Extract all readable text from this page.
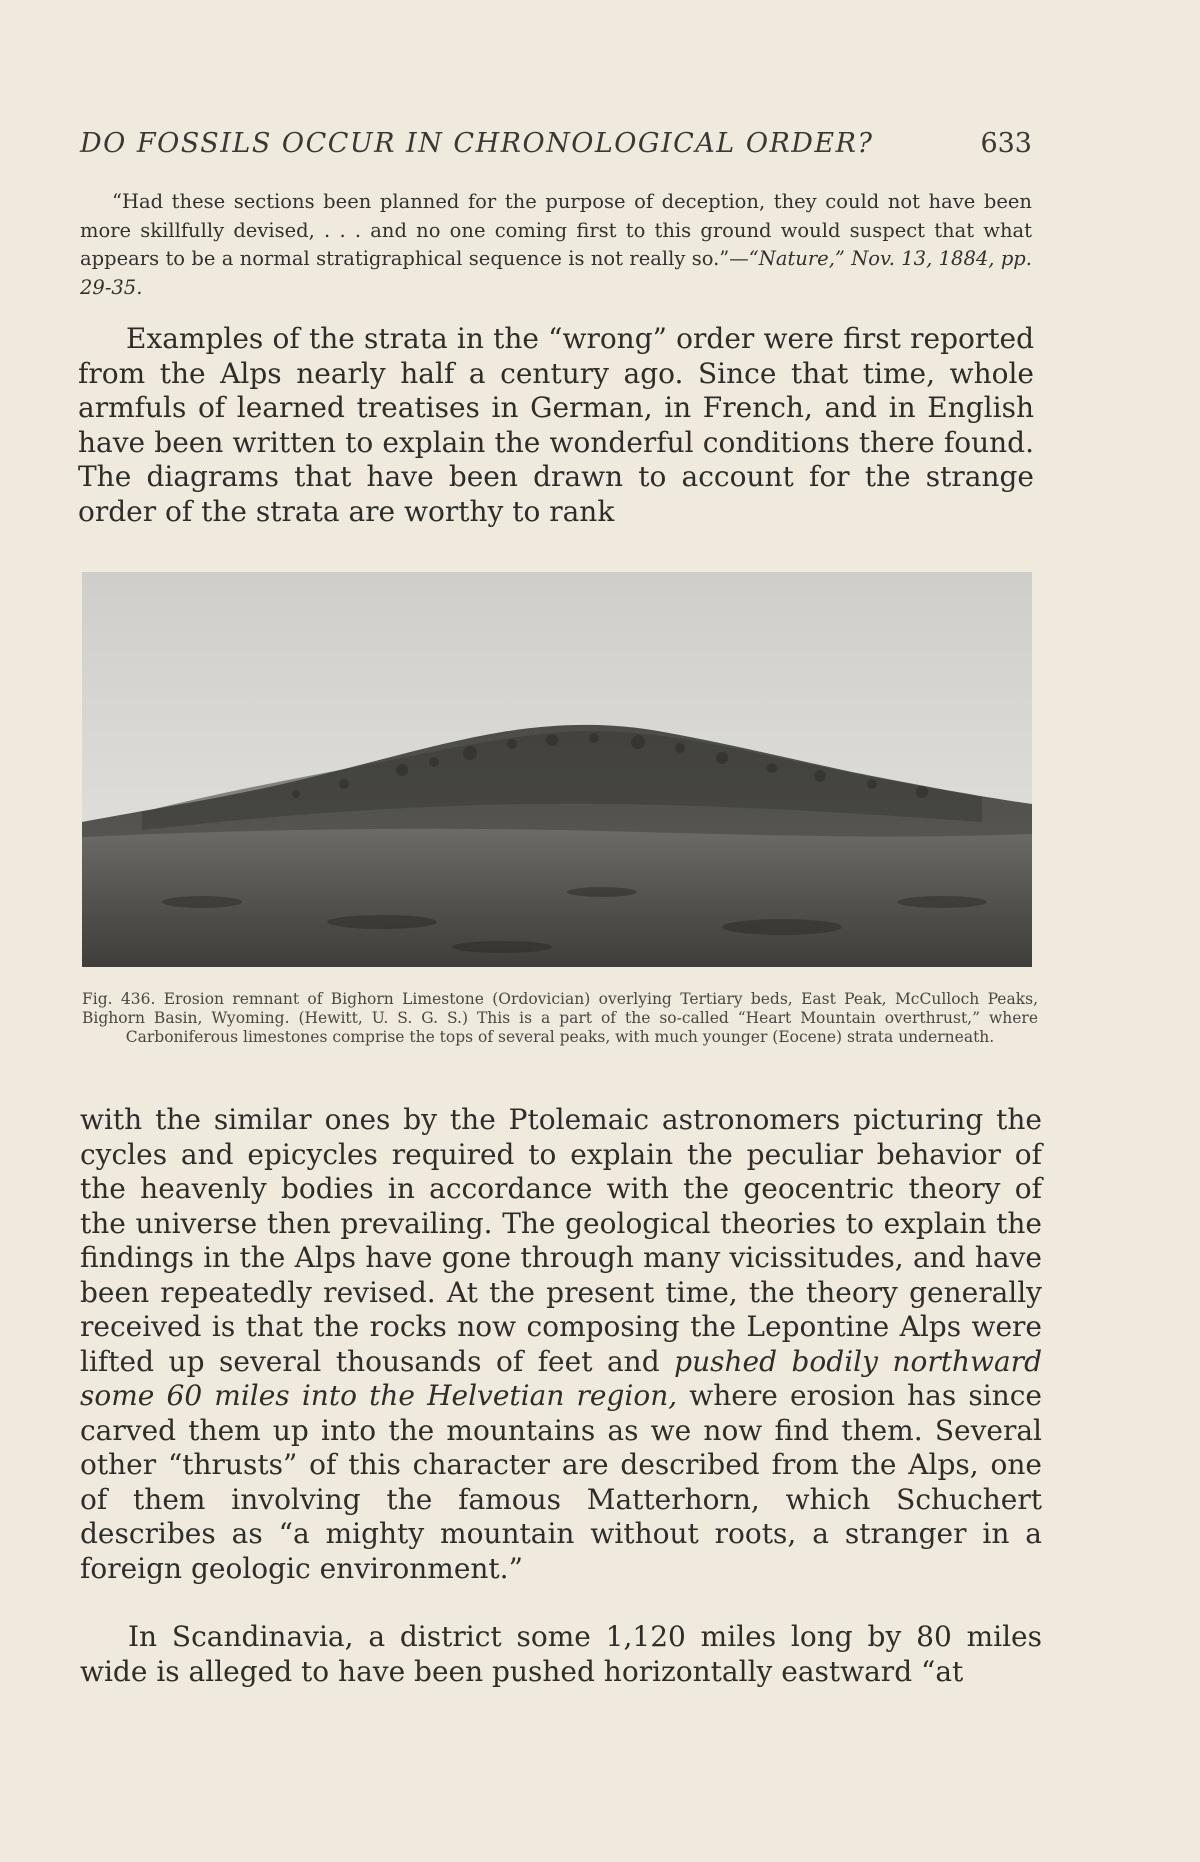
DO FOSSILS OCCUR IN CHRONOLOGICAL ORDER?	633
“Had these sections been planned for the purpose of deception, they could not have been more skillfully devised, . . . and no one coming first to this ground would suspect that what appears to be a normal stratigraphical sequence is not really so.”—“Nature,” Nov. 13, 1884, pp. 29-35.
Examples of the strata in the “wrong” order were first reported from the Alps nearly half a century ago. Since that time, whole armfuls of learned treatises in German, in French, and in English have been written to explain the wonderful conditions there found. The diagrams that have been drawn to account for the strange order of the strata are worthy to rank
Fig. 436. Erosion remnant of Bighorn Limestone (Ordovician) overlying Tertiary beds, East Peak, McCulloch Peaks, Bighorn Basin, Wyoming. (Hewitt, U. S. G. S.) This is a part of the so-called “Heart Mountain overthrust,” where Carboniferous limestones comprise the tops of several peaks, with much younger (Eocene) strata underneath.
with the similar ones by the Ptolemaic astronomers picturing the cycles and epicycles required to explain the peculiar behavior of the heavenly bodies in accordance with the geocentric theory of the universe then prevailing. The geological theories to explain the findings in the Alps have gone through many vicissitudes, and have been repeatedly revised. At the present time, the theory generally received is that the rocks now composing the Lepontine Alps were lifted up several thousands of feet and pushed bodily northward some 60 miles into the Helvetian region, where erosion has since carved them up into the mountains as we now find them. Several other “thrusts” of this character are described from the Alps, one of them involving the famous Matterhorn, which Schuchert describes as “a mighty mountain without roots, a stranger in a foreign geologic environment.”
In Scandinavia, a district some 1,120 miles long by 80 miles wide is alleged to have been pushed horizontally eastward “at
